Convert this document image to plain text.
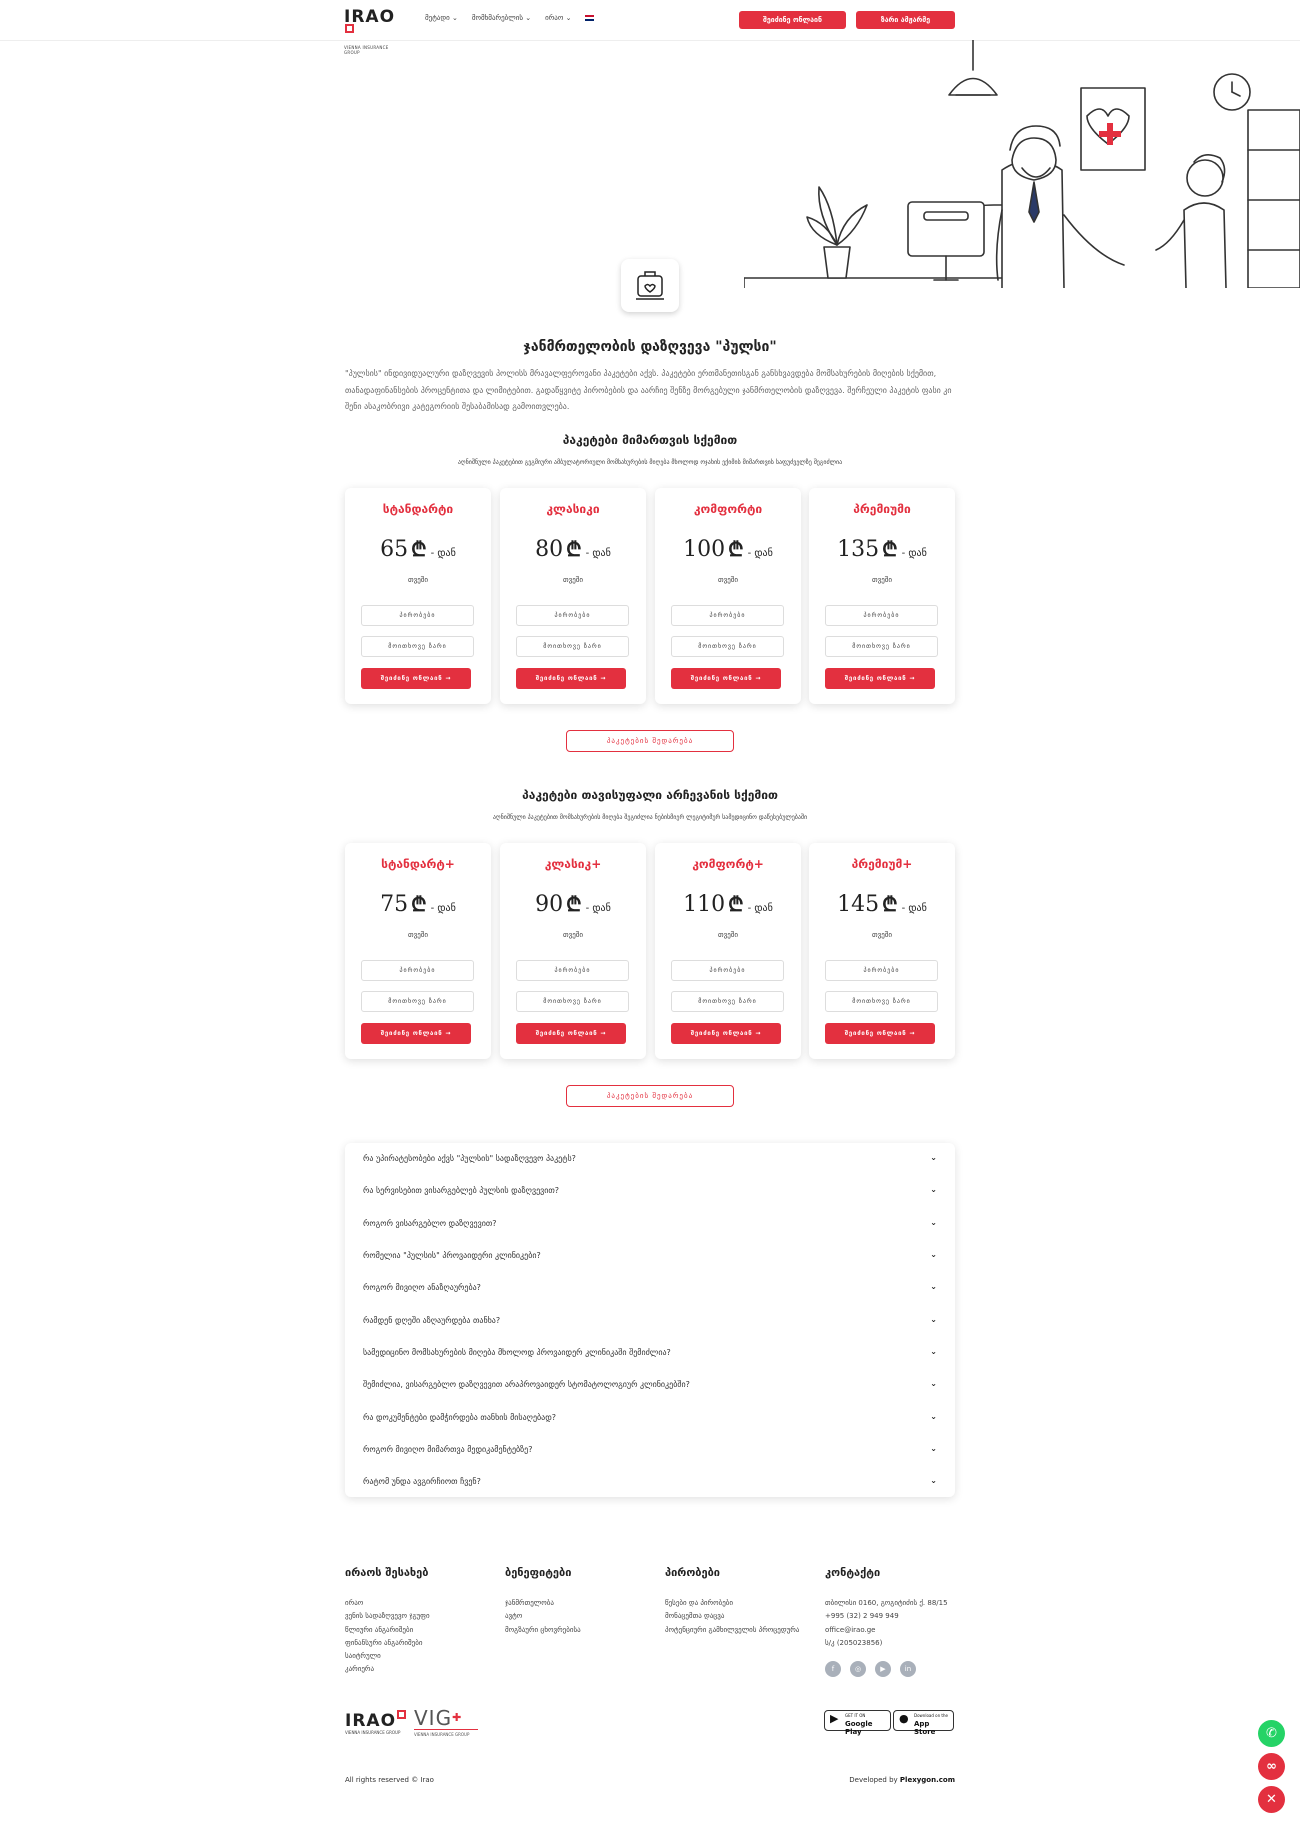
IRAO
VIENNA INSURANCE GROUP
მეტადი ⌄ მომხმარებლის ⌄ ირაო ⌄	შეიძინე ონლაინ	ზარი ამჟარმე
ჯანმრთელობის დაზღვევა "პულსი"
"პულსის" ინდივიდუალური დაზღვევის პოლისს მრავალფეროვანი პაკეტები აქვს. პაკეტები ერთმანეთისგან განსხვავდება მომსახურების მიღების სქემით, თანადაფინანსების პროცენტითა და ლიმიტებით. გადაწყვიტე პირობების და აარჩიე შენზე მორგებული ჯანმრთელობის დაზღვევა. შერჩეული პაკეტის ფასი კი შენი ასაკობრივი კატეგორიის შესაბამისად გამოითვლება.
პაკეტები მიმართვის სქემით
აღნიშნული პაკეტებით გეგმიური ამბულატორიული მომსახურების მიღება მხოლოდ ოჯახის ექიმის მიმართვის საფუძველზე შეგიძლია
სტანდარტი
65 ₾ - დან
თვეში
პირობები
მოითხოვე ზარი
შეიძინე ონლაინ →
კლასიკი
80 ₾ - დან
თვეში
პირობები
მოითხოვე ზარი
შეიძინე ონლაინ →
კომფორტი
100 ₾ - დან
თვეში
პირობები
მოითხოვე ზარი
შეიძინე ონლაინ →
პრემიუმი
135 ₾ - დან
თვეში
პირობები
მოითხოვე ზარი
შეიძინე ონლაინ →
პაკეტების შედარება
პაკეტები თავისუფალი არჩევანის სქემით
აღნიშნული პაკეტებით მომსახურების მიღება შეგიძლია ნებისმიერ ლეგიტიმურ სამედიცინო დაწესებულებაში
სტანდარტ+
75 ₾ - დან
თვეში
პირობები
მოითხოვე ზარი
შეიძინე ონლაინ →
კლასიკ+
90 ₾ - დან
თვეში
პირობები
მოითხოვე ზარი
შეიძინე ონლაინ →
კომფორტ+
110 ₾ - დან
თვეში
პირობები
მოითხოვე ზარი
შეიძინე ონლაინ →
პრემიუმ+
145 ₾ - დან
თვეში
პირობები
მოითხოვე ზარი
შეიძინე ონლაინ →
პაკეტების შედარება
რა უპირატესობები აქვს "პულსის" სადაზღვევო პაკეტს?	⌄
რა სერვისებით ვისარგებლებ პულსის დაზღვევით?	⌄
როგორ ვისარგებლო დაზღვევით?	⌄
რომელია "პულსის" პროვაიდერი კლინიკები?	⌄
როგორ მივიღო ანაზღაურება?	⌄
რამდენ დღეში აზღაურდება თანხა?	⌄
სამედიცინო მომსახურების მიღება მხოლოდ პროვაიდერ კლინიკაში შემიძლია?	⌄
შემიძლია, ვისარგებლო დაზღვევით არაპროვაიდერ სტომატოლოგიურ კლინიკებში?	⌄
რა დოკუმენტები დამჭირდება თანხის მისაღებად?	⌄
როგორ მივიღო მიმართვა მედიკამენტებზე?	⌄
რატომ უნდა ავგირჩიოთ ჩვენ?	⌄
ირაოს შესახებ
ირაო
ვენის სადაზღვევო ჯგუფი
წლიური ანგარიშები
ფინანსური ანგარიშები
საიტრული
კარიერა
ბენეფიტები
ჯანმრთელობა
ავტო
მოგზაური ცხოვრებისა
პირობები
წესები და პირობები
მონაცემთა დაცვა
პოტენციური გამხილველის პროცედურა
კონტაქტი
თბილისი 0160, გოგიტიძის ქ. 88/15
+995 (32) 2 949 949
office@irao.ge
ს/კ (205023856)
f	◎	▶	in
IRAO
VIENNA INSURANCE GROUP
VIG✚
VIENNA INSURANCE GROUP
▶ GET IT ON
Google Play
● Download on the
App Store
All rights reserved © Irao	Developed by Plexygon.com
✆
∞
✕
